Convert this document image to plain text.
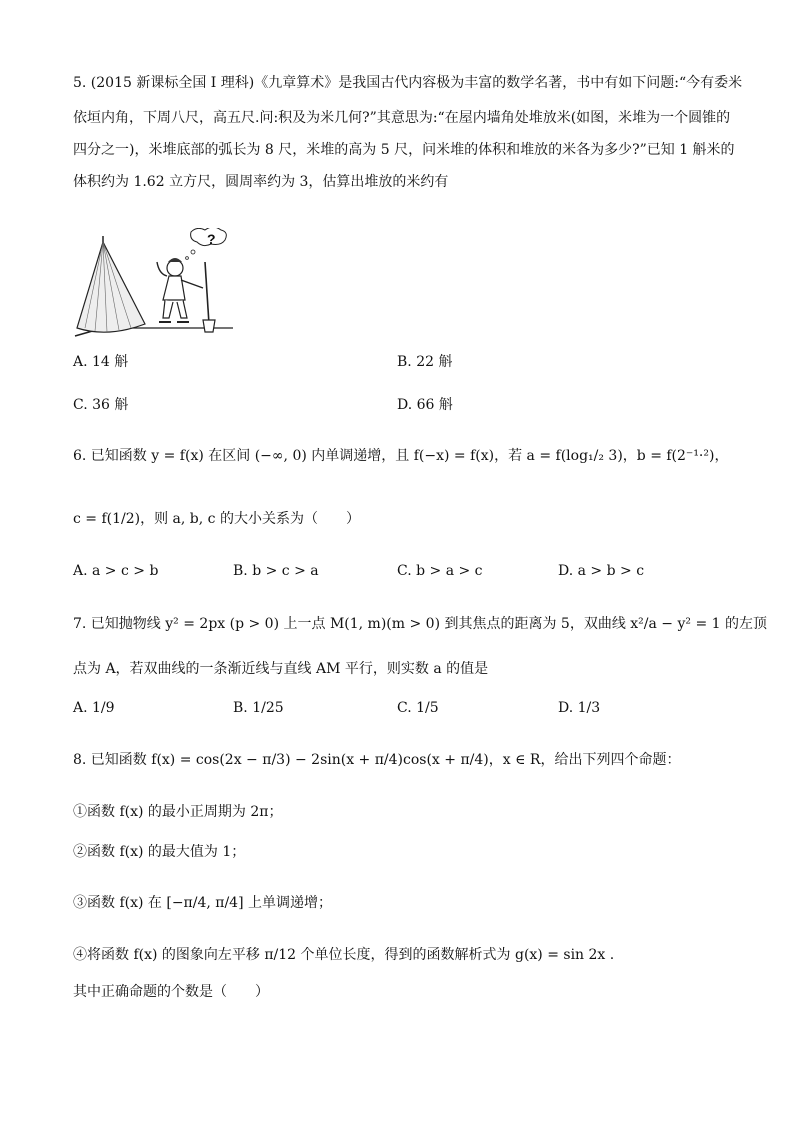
5. (2015 新课标全国 I 理科)《九章算术》是我国古代内容极为丰富的数学名著，书中有如下问题:“今有委米
依垣内角，下周八尺，高五尺.问:积及为米几何?”其意思为:“在屋内墙角处堆放米(如图，米堆为一个圆锥的
四分之一)，米堆底部的弧长为 8 尺，米堆的高为 5 尺，问米堆的体积和堆放的米各为多少?”已知 1 斛米的
体积约为 1.62 立方尺，圆周率约为 3，估算出堆放的米约有
?
A. 14 斛	B. 22 斛
C. 36 斛	D. 66 斛
6. 已知函数 y = f(x) 在区间 (−∞, 0) 内单调递增，且 f(−x) = f(x)，若 a = f(log₁/₂ 3)，b = f(2⁻¹·²)，
c = f(1/2)，则 a, b, c 的大小关系为（　　）
A. a > c > b	B. b > c > a	C. b > a > c	D. a > b > c
7. 已知抛物线 y² = 2px (p > 0) 上一点 M(1, m)(m > 0) 到其焦点的距离为 5，双曲线 x²/a − y² = 1 的左顶
点为 A，若双曲线的一条渐近线与直线 AM 平行，则实数 a 的值是
A. 1/9	B. 1/25	C. 1/5	D. 1/3
8. 已知函数 f(x) = cos(2x − π/3) − 2sin(x + π/4)cos(x + π/4)，x ∈ R，给出下列四个命题：
①函数 f(x) 的最小正周期为 2π；
②函数 f(x) 的最大值为 1；
③函数 f(x) 在 [−π/4, π/4] 上单调递增；
④将函数 f(x) 的图象向左平移 π/12 个单位长度，得到的函数解析式为 g(x) = sin 2x .
其中正确命题的个数是（　　）
